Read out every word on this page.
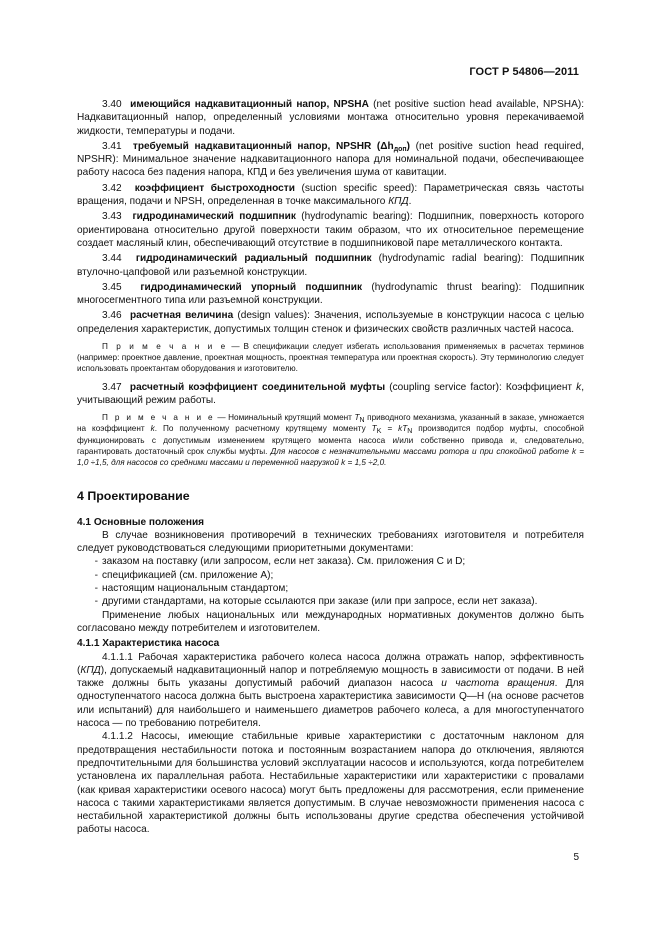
ГОСТ Р 54806—2011

3.40 имеющийся надкавитационный напор, NPSHA (net positive suction head available, NPSHA): Надкавитационный напор, определенный условиями монтажа относительно уровня перекачиваемой жидкости, температуры и подачи.

3.41 требуемый надкавитационный напор, NPSHR $(\Delta h_{доп})$ (net positive suction head required, NPSHR): Минимальное значение надкавитационного напора для номинальной подачи, обеспечивающее работу насоса без падения напора, КПД и без увеличения шума от кавитации.

3.42 коэффициент быстроходности (suction specific speed): Параметрическая связь частоты вращения, подачи и NPSH, определенная в точке максимального КПД.

3.43 гидродинамический подшипник (hydrodynamic bearing): Подшипник, поверхность которого ориентирована относительно другой поверхности таким образом, что их относительное перемещение создает масляный клин, обеспечивающий отсутствие в подшипниковой паре металлического контакта.

3.44 гидродинамический радиальный подшипник (hydrodynamic radial bearing): Подшипник втулочно-цапфовой или разъемной конструкции.

3.45 гидродинамический упорный подшипник (hydrodynamic thrust bearing): Подшипник многосегментного типа или разъемной конструкции.

3.46 расчетная величина (design values): Значения, используемые в конструкции насоса с целью определения характеристик, допустимых толщин стенок и физических свойств различных частей насоса.

П р и м е ч а н и е — В спецификации следует избегать использования применяемых в расчетах терминов (например: проектное давление, проектная мощность, проектная температура или проектная скорость). Эту терминологию следует использовать проектантам оборудования и изготовителю.

3.47 расчетный коэффициент соединительной муфты (coupling service factor): Коэффициент k, учитывающий режим работы.

П р и м е ч а н и е — Номинальный крутящий момент $T_N$ приводного механизма, указанный в заказе, умножается на коэффициент k. По полученному расчетному крутящему моменту $T_K = kT_N$ производится подбор муфты, способной функционировать с допустимым изменением крутящего момента насоса и/или собственно привода и, следовательно, гарантировать достаточный срок службы муфты. Для насосов с незначительными массами ротора и при спокойной работе k = 1,0 ÷1,5, для насосов со средними массами и переменной нагрузкой k = 1,5 ÷2,0.

4 Проектирование

4.1 Основные положения

В случае возникновения противоречий в технических требованиях изготовителя и потребителя следует руководствоваться следующими приоритетными документами:

- заказом на поставку (или запросом, если нет заказа). См. приложения С и D;

- спецификацией (см. приложение А);

- настоящим национальным стандартом;

- другими стандартами, на которые ссылаются при заказе (или при запросе, если нет заказа).

Применение любых национальных или международных нормативных документов должно быть согласовано между потребителем и изготовителем.

4.1.1 Характеристика насоса

4.1.1.1 Рабочая характеристика рабочего колеса насоса должна отражать напор, эффективность (КПД), допускаемый надкавитационный напор и потребляемую мощность в зависимости от подачи. В ней также должны быть указаны допустимый рабочий диапазон насоса и частота вращения. Для одноступенчатого насоса должна быть выстроена характеристика зависимости Q—H (на основе расчетов или испытаний) для наибольшего и наименьшего диаметров рабочего колеса, а для многоступенчатого насоса — по требованию потребителя.

4.1.1.2 Насосы, имеющие стабильные кривые характеристики с достаточным наклоном для предотвращения нестабильности потока и постоянным возрастанием напора до отключения, являются предпочтительными для большинства условий эксплуатации насосов и используются, когда потребителем установлена их параллельная работа. Нестабильные характеристики или характеристики с провалами (как кривая характеристики осевого насоса) могут быть предложены для рассмотрения, если применение насоса с такими характеристиками является допустимым. В случае невозможности применения насоса с нестабильной характеристикой должны быть использованы другие средства обеспечения устойчивой работы насоса.

5
